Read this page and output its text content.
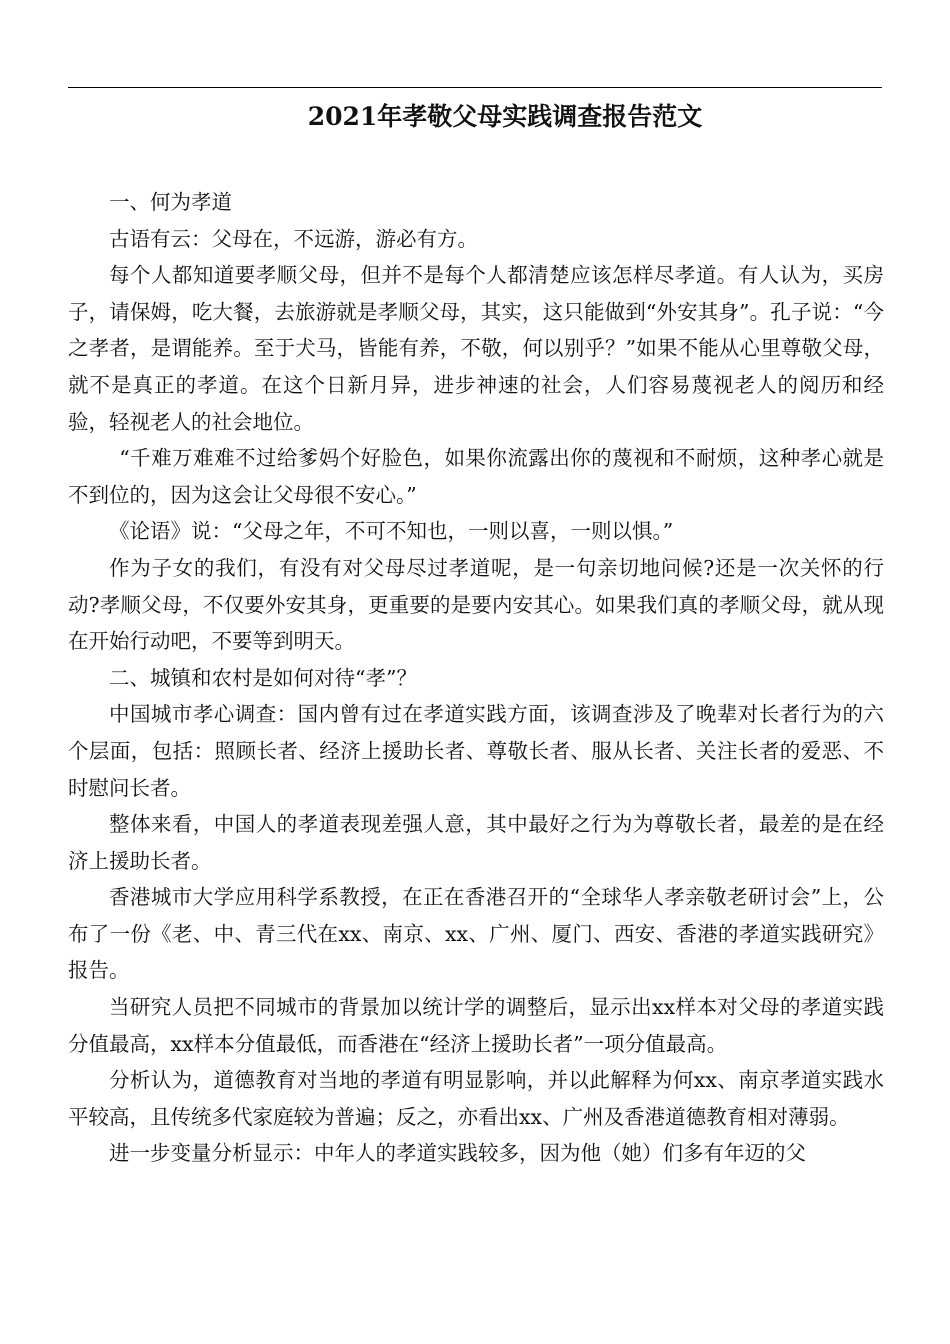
2021年孝敬父母实践调查报告范文

一、何为孝道

古语有云：父母在，不远游，游必有方。

每个人都知道要孝顺父母，但并不是每个人都清楚应该怎样尽孝道。有人认为，买房子，请保姆，吃大餐，去旅游就是孝顺父母，其实，这只能做到“外安其身”。孔子说：“今之孝者，是谓能养。至于犬马，皆能有养，不敬，何以别乎？”如果不能从心里尊敬父母，就不是真正的孝道。在这个日新月异，进步神速的社会，人们容易蔑视老人的阅历和经验，轻视老人的社会地位。

“千难万难难不过给爹妈个好脸色，如果你流露出你的蔑视和不耐烦，这种孝心就是不到位的，因为这会让父母很不安心。”

《论语》说：“父母之年，不可不知也，一则以喜，一则以惧。”

作为子女的我们，有没有对父母尽过孝道呢，是一句亲切地问候?还是一次关怀的行动?孝顺父母，不仅要外安其身，更重要的是要内安其心。如果我们真的孝顺父母，就从现在开始行动吧，不要等到明天。

二、城镇和农村是如何对待“孝”？

中国城市孝心调查：国内曾有过在孝道实践方面，该调查涉及了晚辈对长者行为的六个层面，包括：照顾长者、经济上援助长者、尊敬长者、服从长者、关注长者的爱恶、不时慰问长者。

整体来看，中国人的孝道表现差强人意，其中最好之行为为尊敬长者，最差的是在经济上援助长者。

香港城市大学应用科学系教授，在正在香港召开的“全球华人孝亲敬老研讨会”上，公布了一份《老、中、青三代在xx、南京、xx、广州、厦门、西安、香港的孝道实践研究》报告。

当研究人员把不同城市的背景加以统计学的调整后，显示出xx样本对父母的孝道实践分值最高，xx样本分值最低，而香港在“经济上援助长者”一项分值最高。

分析认为，道德教育对当地的孝道有明显影响，并以此解释为何xx、南京孝道实践水平较高，且传统多代家庭较为普遍；反之，亦看出xx、广州及香港道德教育相对薄弱。

进一步变量分析显示：中年人的孝道实践较多，因为他（她）们多有年迈的父
